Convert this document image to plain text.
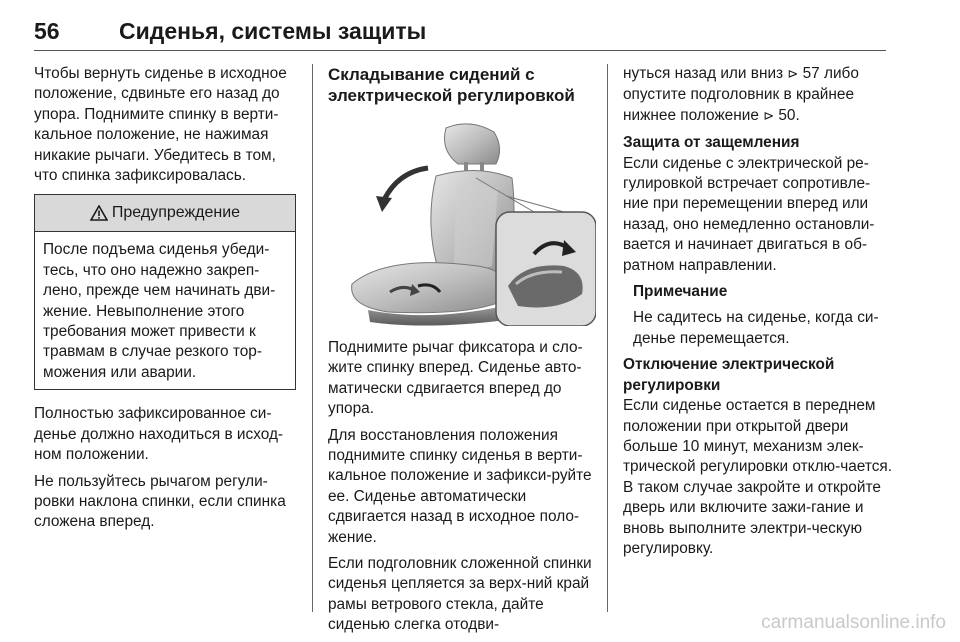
56	Сиденья, системы защиты

Чтобы вернуть сиденье в исходное положение, сдвиньте его назад до упора. Поднимите спинку в верти-кальное положение, не нажимая никакие рычаги. Убедитесь в том, что спинка зафиксировалась.

Предупреждение
После подъема сиденья убеди-тесь, что оно надежно закреп-лено, прежде чем начинать дви-жение. Невыполнение этого требования может привести к травмам в случае резкого тор-можения или аварии.

Полностью зафиксированное си-денье должно находиться в исход-ном положении.

Не пользуйтесь рычагом регули-ровки наклона спинки, если спинка сложена вперед.

Складывание сидений с электрической регулировкой

Поднимите рычаг фиксатора и сло-жите спинку вперед. Сиденье авто-матически сдвигается вперед до упора.

Для восстановления положения поднимите спинку сиденья в верти-кальное положение и зафикси-руйте ее. Сиденье автоматически сдвигается назад в исходное поло-жение.

Если подголовник сложенной спинки сиденья цепляется за верх-ний край рамы ветрового стекла, дайте сиденью слегка отодви-

нуться назад или вниз ⊳ 57 либо опустите подголовник в крайнее нижнее положение ⊳ 50.

Защита от защемления

Если сиденье с электрической ре-гулировкой встречает сопротивле-ние при перемещении вперед или назад, оно немедленно остановли-вается и начинает двигаться в об-ратном направлении.

Примечание

Не садитесь на сиденье, когда си-денье перемещается.

Отключение электрической регулировки

Если сиденье остается в переднем положении при открытой двери больше 10 минут, механизм элек-трической регулировки отклю-чается. В таком случае закройте и откройте дверь или включите зажи-гание и вновь выполните электри-ческую регулировку.

carmanualsonline.info
